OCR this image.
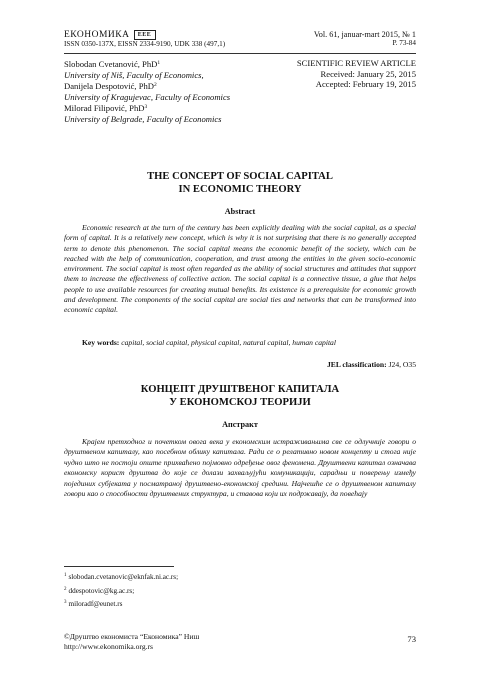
ЕКОНОМИКА	ЕЕЕ
ISSN 0350-137X, EISSN 2334-9190, UDK 338 (497,1)
Vol. 61, januar-mart 2015, № 1
P. 73-84
Slobodan Cvetanović, PhD$^1$
University of Niš, Faculty of Economics,
Danijela Despotović, PhD$^2$
University of Kragujevac, Faculty of Economics
Milorad Filipović, PhD$^3$
University of Belgrade, Faculty of Economics
SCIENTIFIC REVIEW ARTICLE
Received: January 25, 2015
Accepted: February 19, 2015
THE CONCEPT OF SOCIAL CAPITAL
IN ECONOMIC THEORY
Abstract
Economic research at the turn of the century has been explicitly dealing with the social capital, as a special form of capital. It is a relatively new concept, which is why it is not surprising that there is no generally accepted term to denote this phenomenon. The social capital means the economic benefit of the society, which can be reached with the help of communication, cooperation, and trust among the entities in the given socio-economic environment. The social capital is most often regarded as the ability of social structures and attitudes that support them to increase the effectiveness of collective action. The social capital is a connective tissue, a glue that helps people to use available resources for creating mutual benefits. Its existence is a prerequisite for economic growth and development. The components of the social capital are social ties and networks that can be transformed into economic capital.
Key words: capital, social capital, physical capital, natural capital, human capital
JEL classification: J24, O35
КОНЦЕПТ ДРУШТВЕНОГ КАПИТАЛА
У ЕКОНОМСКОЈ ТЕОРИЈИ
Апстракт
Крајем претходног и почетком овога века у економским истраживањима све се одлучније говори о друштвеном капиталу, као посебном облику капитала. Ради се о релативно новом концепту и стога није чудно што не постоји општe прихваћено појмовно одређење овог феномена. Друштвени капитал означава економску корист друштва до које се долази захваљујући комуникацији, сарадњи и поверењу између појединих субјеката у посматраној друштвено-економској средини. Најчешће се о друштвеном капиталу говори као о способности друштвених структура, и ставова који их подржавају, да повећају
$^1$ slobodan.cvetanovic@eknfak.ni.ac.rs;
$^2$ ddespotovic@kg.ac.rs;
$^3$ miloradf@eunet.rs
©Друштво економиста “Економика” Ниш
http://www.ekonomika.org.rs
73
